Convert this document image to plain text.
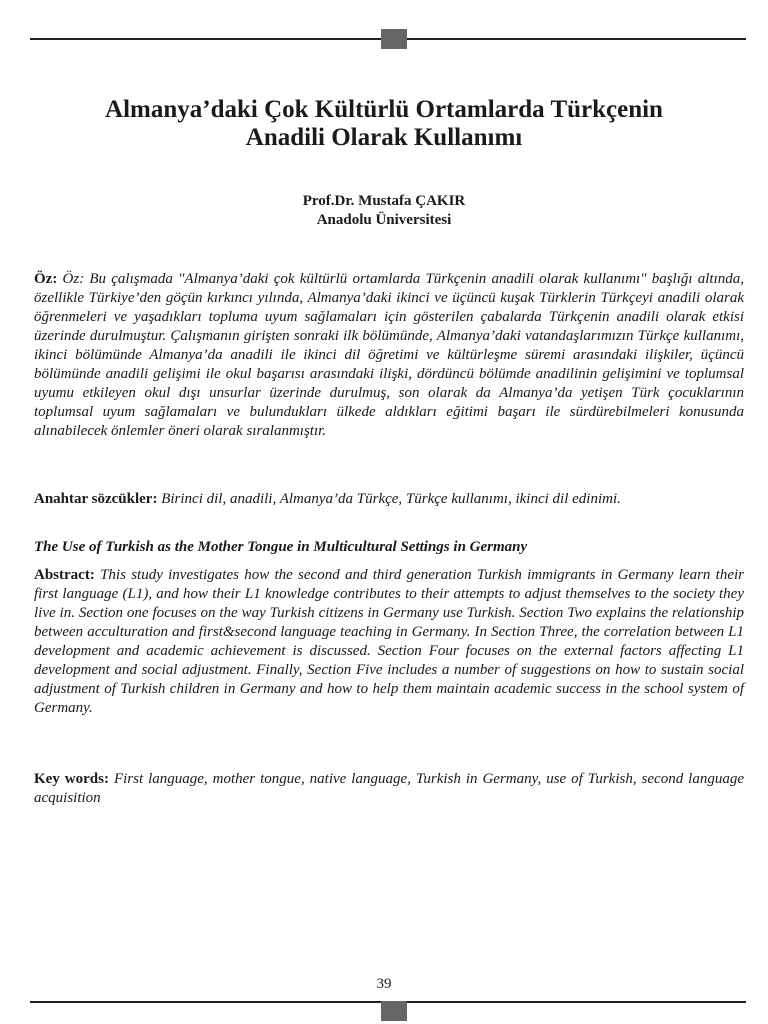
Almanya’daki Çok Kültürlü Ortamlarda Türkçenin
Anadili Olarak Kullanımı
Prof.Dr. Mustafa ÇAKIR
Anadolu Üniversitesi
Öz: Öz: Bu çalışmada "Almanya’daki çok kültürlü ortamlarda Türkçenin anadili olarak kullanımı" başlığı altında, özellikle Türkiye’den göçün kırkıncı yılında, Almanya’daki ikinci ve üçüncü kuşak Türklerin Türkçeyi anadili olarak öğrenmeleri ve yaşadıkları topluma uyum sağlamaları için gösterilen çabalarda Türkçenin anadili olarak etkisi üzerinde durulmuştur. Çalışmanın girişten sonraki ilk bölümünde, Almanya’daki vatandaşlarımızın Türkçe kullanımı, ikinci bölümünde Almanya’da anadili ile ikinci dil öğretimi ve kültürleşme süremi arasındaki ilişkiler, üçüncü bölümünde anadili gelişimi ile okul başarısı arasındaki ilişki, dördüncü bölümde anadilinin gelişimini ve toplumsal uyumu etkileyen okul dışı unsurlar üzerinde durulmuş, son olarak da Almanya’da yetişen Türk çocuklarının toplumsal uyum sağlamaları ve bulundukları ülkede aldıkları eğitimi başarı ile sürdürebilmeleri konusunda alınabilecek önlemler öneri olarak sıralanmıştır.
Anahtar sözcükler: Birinci dil, anadili, Almanya’da Türkçe, Türkçe kullanımı, ikinci dil edinimi.
The Use of Turkish as the Mother Tongue in Multicultural Settings in Germany
Abstract: This study investigates how the second and third generation Turkish immigrants in Germany learn their first language (L1), and how their L1 knowledge contributes to their attempts to adjust themselves to the society they live in. Section one focuses on the way Turkish citizens in Germany use Turkish. Section Two explains the relationship between acculturation and first&second language teaching in Germany. In Section Three, the correlation between L1 development and academic achievement is discussed. Section Four focuses on the external factors affecting L1 development and social adjustment. Finally, Section Five includes a number of suggestions on how to sustain social adjustment of Turkish children in Germany and how to help them maintain academic success in the school system of Germany.
Key words: First language, mother tongue, native language, Turkish in Germany, use of Turkish, second language acquisition
39
